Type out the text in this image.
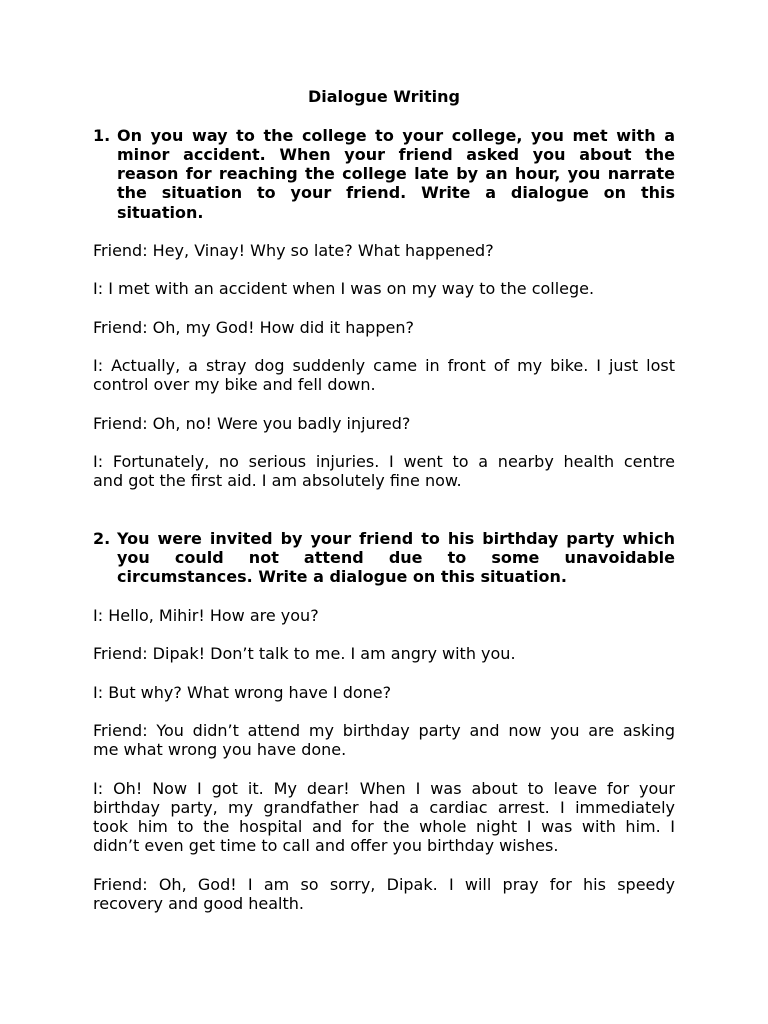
Dialogue Writing
1. On you way to the college to your college, you met with a
minor accident. When your friend asked you about the
reason for reaching the college late by an hour, you narrate
the situation to your friend. Write a dialogue on this
situation.
Friend: Hey, Vinay! Why so late? What happened?
I: I met with an accident when I was on my way to the college.
Friend: Oh, my God! How did it happen?
I: Actually, a stray dog suddenly came in front of my bike. I just lost
control over my bike and fell down.
Friend: Oh, no! Were you badly injured?
I: Fortunately, no serious injuries. I went to a nearby health centre
and got the first aid. I am absolutely fine now.
2. You were invited by your friend to his birthday party which
you could not attend due to some unavoidable
circumstances. Write a dialogue on this situation.
I: Hello, Mihir! How are you?
Friend: Dipak! Don’t talk to me. I am angry with you.
I: But why? What wrong have I done?
Friend: You didn’t attend my birthday party and now you are asking
me what wrong you have done.
I: Oh! Now I got it. My dear! When I was about to leave for your
birthday party, my grandfather had a cardiac arrest. I immediately
took him to the hospital and for the whole night I was with him. I
didn’t even get time to call and offer you birthday wishes.
Friend: Oh, God! I am so sorry, Dipak. I will pray for his speedy
recovery and good health.
